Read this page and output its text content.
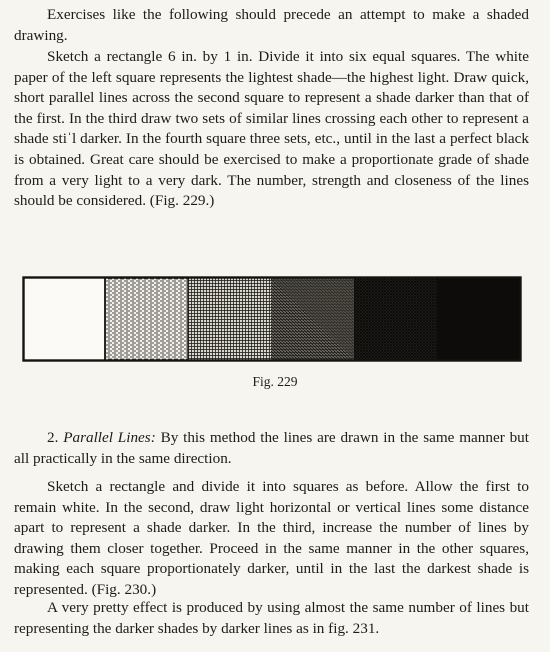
Exercises like the following should precede an attempt to make a shaded drawing.

Sketch a rectangle 6 in. by 1 in. Divide it into six equal squares. The white paper of the left square represents the lightest shade—the highest light. Draw quick, short parallel lines across the second square to represent a shade darker than that of the first. In the third draw two sets of similar lines crossing each other to represent a shade stiˈl darker. In the fourth square three sets, etc., until in the last a perfect black is obtained. Great care should be exercised to make a proportionate grade of shade from a very light to a very dark. The number, strength and closeness of the lines should be considered. (Fig. 229.)

Fig. 229

2. Parallel Lines: By this method the lines are drawn in the same manner but all practically in the same direction.

Sketch a rectangle and divide it into squares as before. Allow the first to remain white. In the second, draw light horizontal or vertical lines some distance apart to represent a shade darker. In the third, increase the number of lines by drawing them closer together. Proceed in the same manner in the other squares, making each square proportionately darker, until in the last the darkest shade is represented. (Fig. 230.)

A very pretty effect is produced by using almost the same number of lines but representing the darker shades by darker lines as in fig. 231.
